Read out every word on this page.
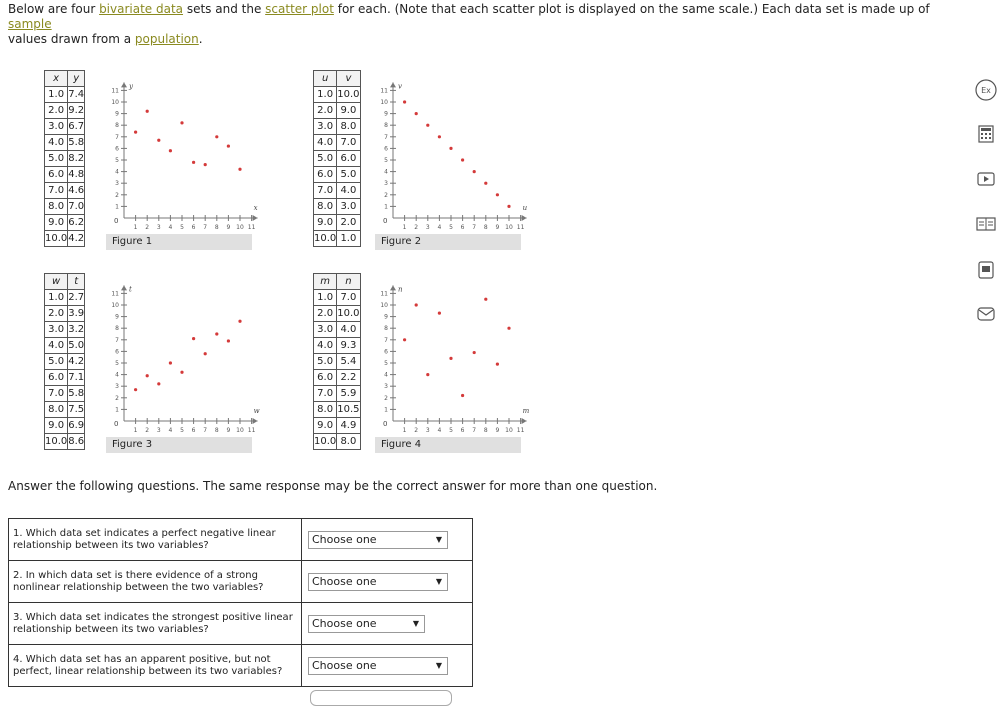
Below are four bivariate data sets and the scatter plot for each. (Note that each scatter plot is displayed on the same scale.) Each data set is made up of sample
values drawn from a population.
x	y
1.0	7.4
2.0	9.2
3.0	6.7
4.0	5.8
5.0	8.2
6.0	4.8
7.0	4.6
8.0	7.0
9.0	6.2
10.0	4.2
0
1 2 3 4 5 6 7 8 9 10 11
1
2
3
4
5
6
7
8
9
10
11
x
y
Figure 1
u	v
1.0	10.0
2.0	9.0
3.0	8.0
4.0	7.0
5.0	6.0
6.0	5.0
7.0	4.0
8.0	3.0
9.0	2.0
10.0	1.0
0
1 2 3 4 5 6 7 8 9 10 11
1
2
3
4
5
6
7
8
9
10
11
u
v
Figure 2
w	t
1.0	2.7
2.0	3.9
3.0	3.2
4.0	5.0
5.0	4.2
6.0	7.1
7.0	5.8
8.0	7.5
9.0	6.9
10.0	8.6
0
1 2 3 4 5 6 7 8 9 10 11
1
2
3
4
5
6
7
8
9
10
11
w
t
Figure 3
m	n
1.0	7.0
2.0	10.0
3.0	4.0
4.0	9.3
5.0	5.4
6.0	2.2
7.0	5.9
8.0	10.5
9.0	4.9
10.0	8.0
0
1 2 3 4 5 6 7 8 9 10 11
1
2
3
4
5
6
7
8
9
10
11
m
n
Figure 4
Answer the following questions. The same response may be the correct answer for more than one question.
1. Which data set indicates a perfect negative linear relationship between its two variables?	Choose one ▼

2. In which data set is there evidence of a strong nonlinear relationship between the two variables?	Choose one ▼

3. Which data set indicates the strongest positive linear relationship between its two variables?	Choose one ▼

4. Which data set has an apparent positive, but not perfect, linear relationship between its two variables?	Choose one ▼
Ex
